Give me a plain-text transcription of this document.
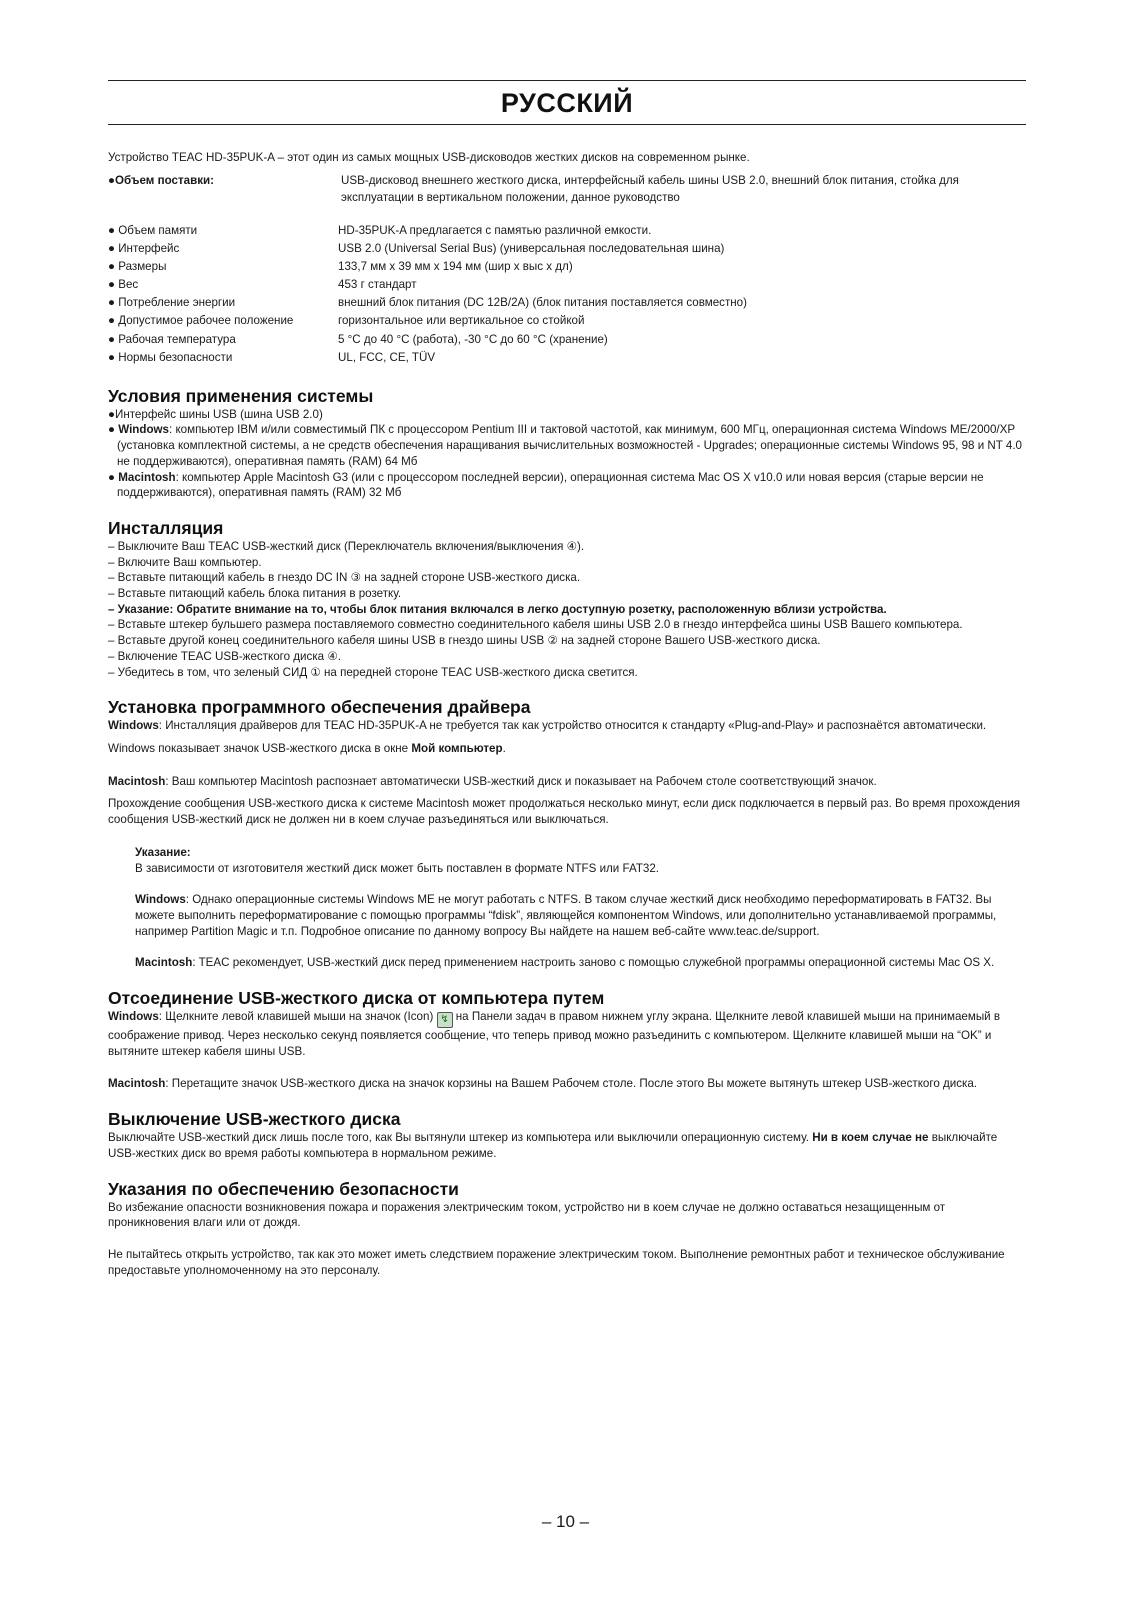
РУССКИЙ
Устройство TEAC HD-35PUK-A – этот один из самых мощных USB-дисководов жестких дисков на современном рынке.
●Объем поставки:	USB-дисковод внешнего жесткого диска, интерфейсный кабель шины USB 2.0, внешний блок питания, стойка для эксплуатации в вертикальном положении, данное руководство
● Объем памяти	HD-35PUK-A предлагается с памятью различной емкости.
● Интерфейс	USB 2.0 (Universal Serial Bus) (универсальная последовательная шина)
● Размеры	133,7 мм x 39 мм x 194 мм (шир x выс x дл)
● Вес	453 г стандарт
● Потребление энергии	внешний блок питания (DC 12В/2А) (блок питания поставляется совместно)
● Допустимое рабочее положение	горизонтальное или вертикальное со стойкой
● Рабочая температура	5 °C до 40 °C (работа), -30 °C до 60 °C (хранение)
● Нормы безопасности	UL, FCC, CE, TÜV
Условия применения системы

●Интерфейс шины USB (шина USB 2.0)

● Windows: компьютер IBM и/или совместимый ПК с процессором Pentium III и тактовой частотой, как минимум, 600 МГц, операционная система Windows ME/2000/XP (установка комплектной системы, а не средств обеспечения наращивания вычислительных возможностей - Upgrades; операционные системы Windows 95, 98 и NT 4.0 не поддерживаются), оперативная память (RAM) 64 Мб

● Macintosh: компьютер Apple Macintosh G3 (или с процессором последней версии), операционная система Mac OS X v10.0 или новая версия (старые версии не поддерживаются), оперативная память (RAM) 32 Мб

Инсталляция

– Выключите Ваш TEAC USB-жесткий диск (Переключатель включения/выключения ④).

– Включите Ваш компьютер.

– Вставьте питающий кабель в гнездо DC IN ③ на задней стороне USB-жесткого диска.

– Вставьте питающий кабель блока питания в розетку.

– Указание: Обратите внимание на то, чтобы блок питания включался в легко доступную розетку, расположенную вблизи устройства.

– Вставьте штекер бульшего размера поставляемого совместно соединительного кабеля шины USB 2.0 в гнездо интерфейса шины USB Вашего компьютера.

– Вставьте другой конец соединительного кабеля шины USB в гнездо шины USB ② на задней стороне Вашего USB-жесткого диска.

– Включение TEAC USB-жесткого диска ④.

– Убедитесь в том, что зеленый СИД ① на передней стороне TEAC USB-жесткого диска светится.

Установка программного обеспечения драйвера

Windows: Инсталляция драйверов для TEAC HD-35PUK-A не требуется так как устройство относится к стандарту «Plug-and-Play» и распознаётся автоматически.

Windows показывает значок USB-жесткого диска в окне Мой компьютер.

Macintosh: Ваш компьютер Macintosh распознает автоматически USB-жесткий диск и показывает на Рабочем столе соответствующий значок.

Прохождение сообщения USB-жесткого диска к системе Macintosh может продолжаться несколько минут, если диск подключается в первый раз. Во время прохождения сообщения USB-жесткий диск не должен ни в коем случае разъединяться или выключаться.

Указание:

В зависимости от изготовителя жесткий диск может быть поставлен в формате NTFS или FAT32.

Windows: Однако операционные системы Windows ME не могут работать с NTFS. В таком случае жесткий диск необходимо переформатировать в FAT32. Вы можете выполнить переформатирование с помощью программы “fdisk”, являющейся компонентом Windows, или дополнительно устанавливаемой программы, например Partition Magic и т.п. Подробное описание по данному вопросу Вы найдете на нашем веб-сайте www.teac.de/support.

Macintosh: TEAC рекомендует, USB-жесткий диск перед применением настроить заново с помощью служебной программы операционной системы Mac OS X.

Отсоединение USB-жесткого диска от компьютера путем

Windows: Щелкните левой клавишей мыши на значок (Icon) ↯ на Панели задач в правом нижнем углу экрана. Щелкните левой клавишей мыши на принимаемый в соображение привод. Через несколько секунд появляется сообщение, что теперь привод можно разъединить с компьютером. Щелкните клавишей мыши на “OK” и вытяните штекер кабеля шины USB.

Macintosh: Перетащите значок USB-жесткого диска на значок корзины на Вашем Рабочем столе. После этого Вы можете вытянуть штекер USB-жесткого диска.

Выключение USB-жесткого диска

Выключайте USB-жесткий диск лишь после того, как Вы вытянули штекер из компьютера или выключили операционную систему. Ни в коем случае не выключайте USB-жестких диск во время работы компьютера в нормальном режиме.

Указания по обеспечению безопасности

Во избежание опасности возникновения пожара и поражения электрическим током, устройство ни в коем случае не должно оставаться незащищенным от проникновения влаги или от дождя.

Не пытайтесь открыть устройство, так как это может иметь следствием поражение электрическим током. Выполнение ремонтных работ и техническое обслуживание предоставьте уполномоченному на это персоналу.

– 10 –
